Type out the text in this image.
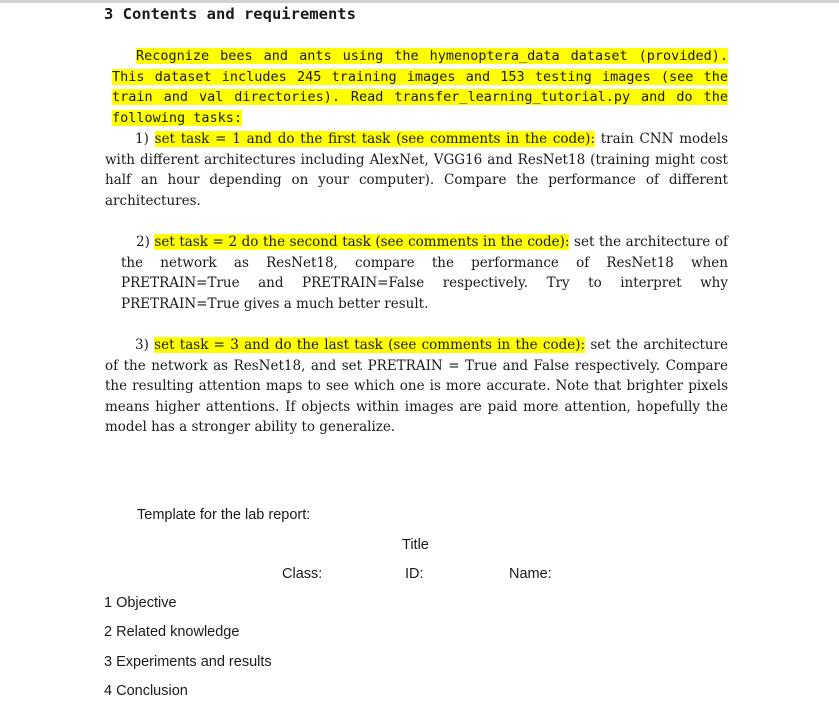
3 Contents and requirements

Recognize bees and ants using the hymenoptera_data dataset (provided). This dataset includes 245 training images and 153 testing images (see the train and val directories). Read transfer_learning_tutorial.py and do the following tasks:

1) set task = 1 and do the first task (see comments in the code): train CNN models with different architectures including AlexNet, VGG16 and ResNet18 (training might cost half an hour depending on your computer). Compare the performance of different architectures.

2) set task = 2 do the second task (see comments in the code): set the architecture of the network as ResNet18, compare the performance of ResNet18 when PRETRAIN=True and PRETRAIN=False respectively. Try to interpret why PRETRAIN=True gives a much better result.

3) set task = 3 and do the last task (see comments in the code): set the architecture of the network as ResNet18, and set PRETRAIN = True and False respectively. Compare the resulting attention maps to see which one is more accurate. Note that brighter pixels means higher attentions. If objects within images are paid more attention, hopefully the model has a stronger ability to generalize.

Template for the lab report:
Title
Class:	ID:	Name:
1 Objective
2 Related knowledge
3 Experiments and results
4 Conclusion
